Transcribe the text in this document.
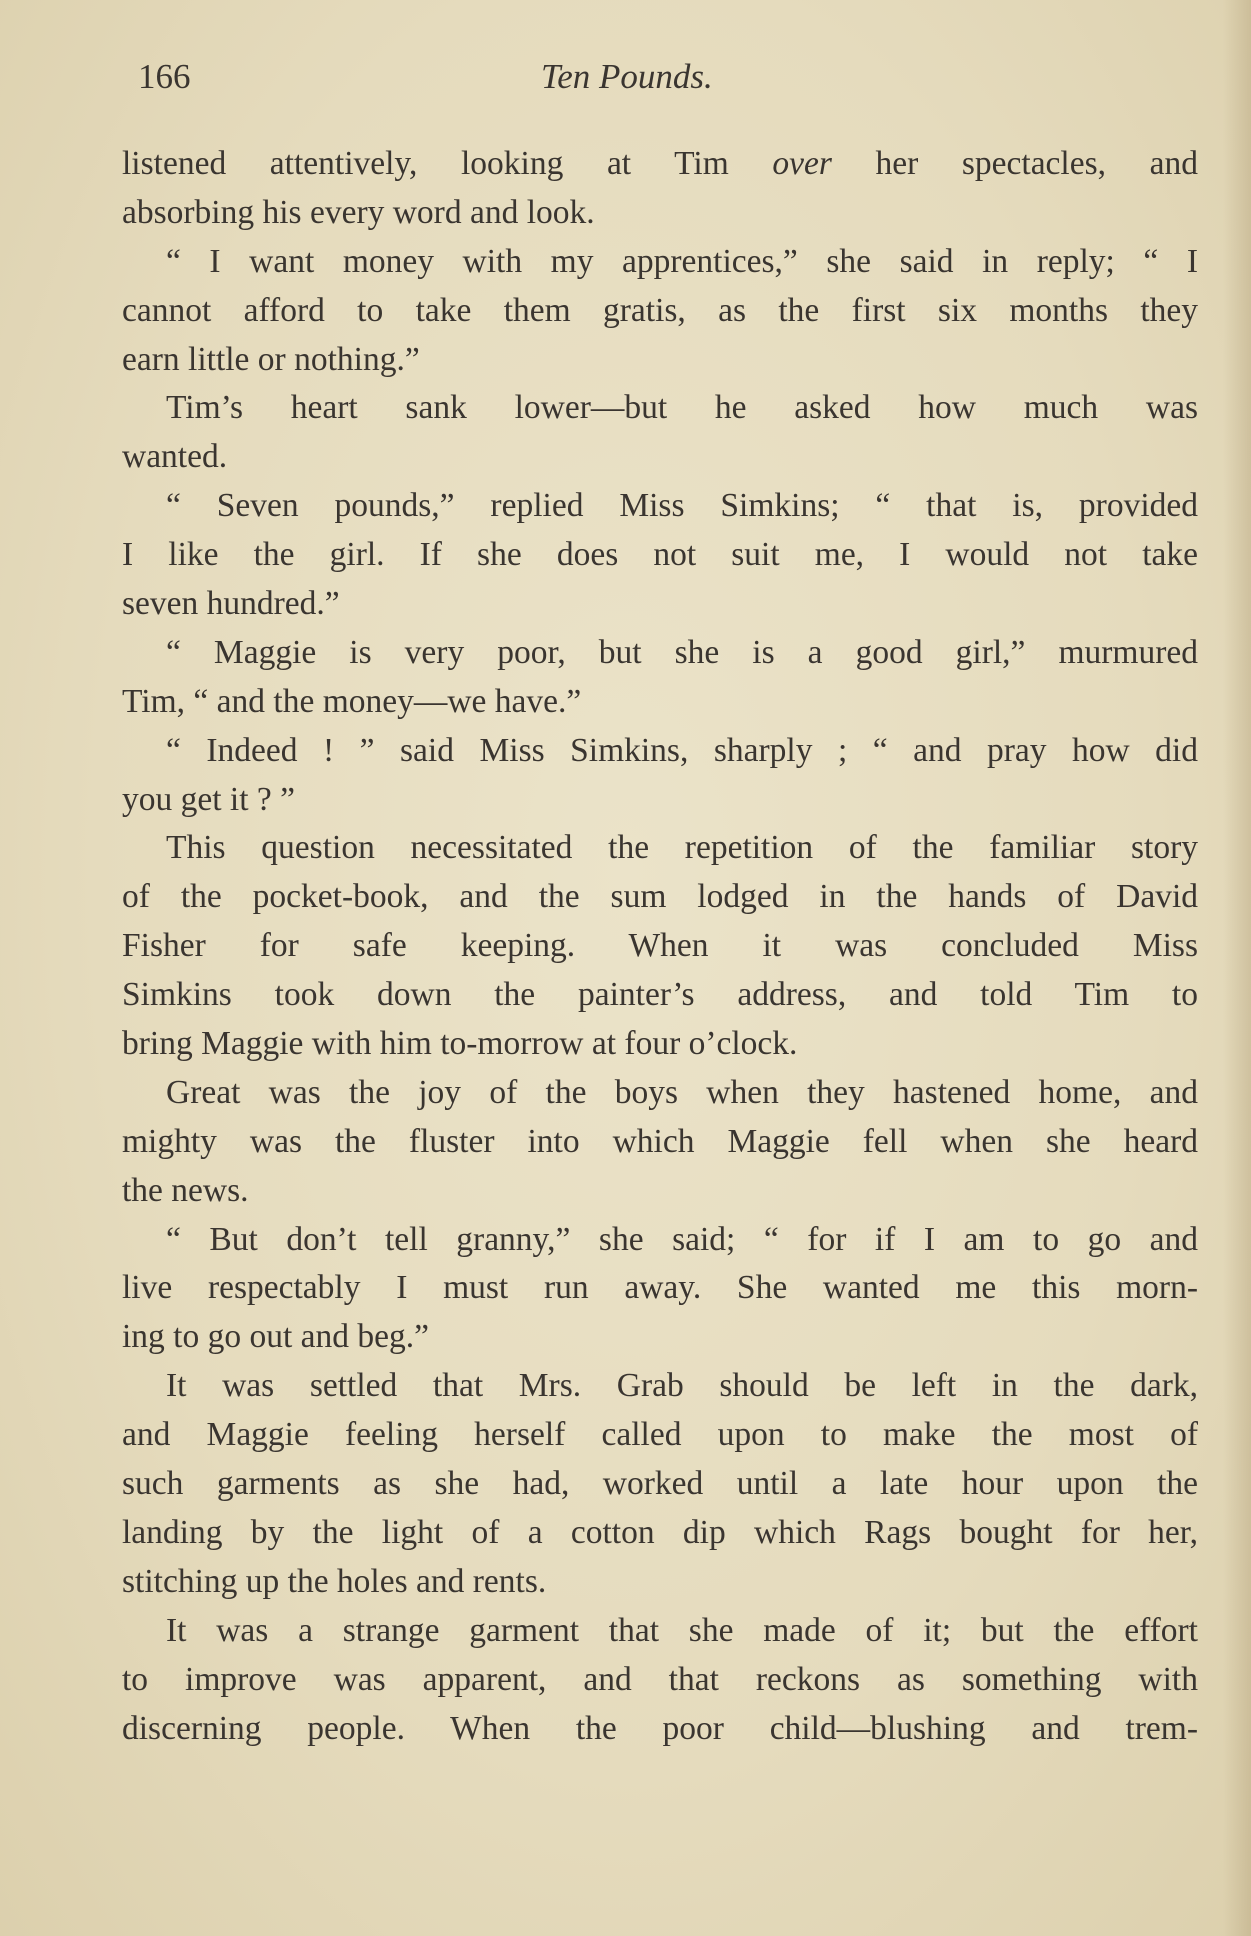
166	Ten Pounds.
listened attentively, looking at Tim over her spectacles, and
absorbing his every word and look.
“ I want money with my apprentices,” she said in reply; “ I
cannot afford to take them gratis, as the first six months they
earn little or nothing.”
Tim’s heart sank lower—but he asked how much was
wanted.
“ Seven pounds,” replied Miss Simkins; “ that is, provided
I like the girl. If she does not suit me, I would not take
seven hundred.”
“ Maggie is very poor, but she is a good girl,” murmured
Tim, “ and the money—we have.”
“ Indeed ! ” said Miss Simkins, sharply ; “ and pray how did
you get it ? ”
This question necessitated the repetition of the familiar story
of the pocket-book, and the sum lodged in the hands of David
Fisher for safe keeping. When it was concluded Miss
Simkins took down the painter’s address, and told Tim to
bring Maggie with him to-morrow at four o’clock.
Great was the joy of the boys when they hastened home, and
mighty was the fluster into which Maggie fell when she heard
the news.
“ But don’t tell granny,” she said; “ for if I am to go and
live respectably I must run away. She wanted me this morn-
ing to go out and beg.”
It was settled that Mrs. Grab should be left in the dark,
and Maggie feeling herself called upon to make the most of
such garments as she had, worked until a late hour upon the
landing by the light of a cotton dip which Rags bought for her,
stitching up the holes and rents.
It was a strange garment that she made of it; but the effort
to improve was apparent, and that reckons as something with
discerning people. When the poor child—blushing and trem-
